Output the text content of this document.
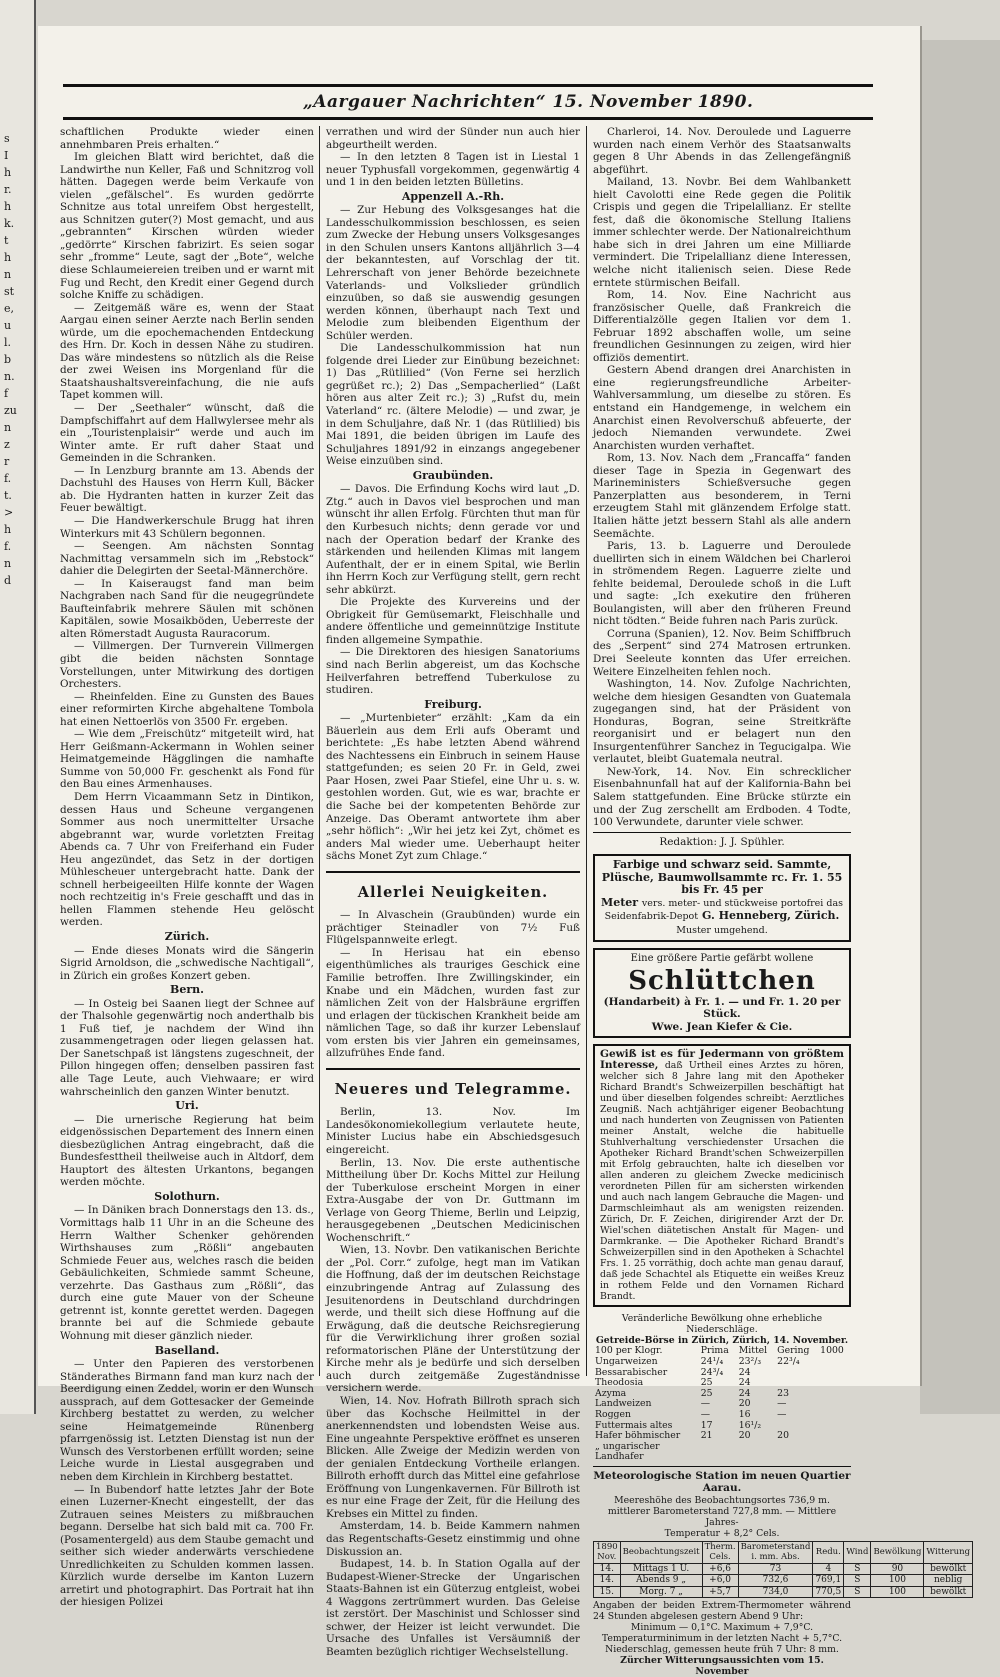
s
I
h
r.
h
k.
t
h
n
st
e,
u
l.
b
n.
f
zu
n
z
r
f.
t.
>
h
f.
n
d
„Aargauer Nachrichten“ 15. November 1890.

schaftlichen Produkte wieder einen annehmbaren Preis erhalten.“

Im gleichen Blatt wird berichtet, daß die Landwirthe nun Keller, Faß und Schnitzrog voll hätten. Dagegen werde beim Verkaufe von vielen „gefälschel“. Es wurden gedörrte Schnitze aus total unreifem Obst hergestellt, aus Schnitzen guter(?) Most gemacht, und aus „gebrannten“ Kirschen würden wieder „gedörrte“ Kirschen fabrizirt. Es seien sogar sehr „fromme“ Leute, sagt der „Bote“, welche diese Schlaumeiereien treiben und er warnt mit Fug und Recht, den Kredit einer Gegend durch solche Kniffe zu schädigen.

— Zeitgemäß wäre es, wenn der Staat Aargau einen seiner Aerzte nach Berlin senden würde, um die epochemachenden Entdeckung des Hrn. Dr. Koch in dessen Nähe zu studiren. Das wäre mindestens so nützlich als die Reise der zwei Weisen ins Morgenland für die Staatshaushaltsvereinfachung, die nie aufs Tapet kommen will.

— Der „Seethaler“ wünscht, daß die Dampfschiffahrt auf dem Hallwylersee mehr als ein „Touristenplaisir“ werde und auch im Winter amte. Er ruft daher Staat und Gemeinden in die Schranken.

— In Lenzburg brannte am 13. Abends der Dachstuhl des Hauses von Herrn Kull, Bäcker ab. Die Hydranten hatten in kurzer Zeit das Feuer bewältigt.

— Die Handwerkerschule Brugg hat ihren Winterkurs mit 43 Schülern begonnen.

— Seengen. Am nächsten Sonntag Nachmittag versammeln sich im „Rebstock“ dahier die Delegirten der Seetal-Männerchöre.

— In Kaiseraugst fand man beim Nachgraben nach Sand für die neugegründete Baufteinfabrik mehrere Säulen mit schönen Kapitälen, sowie Mosaikböden, Ueberreste der alten Römerstadt Augusta Rauracorum.

— Villmergen. Der Turnverein Villmergen gibt die beiden nächsten Sonntage Vorstellungen, unter Mitwirkung des dortigen Orchesters.

— Rheinfelden. Eine zu Gunsten des Baues einer reformirten Kirche abgehaltene Tombola hat einen Nettoerlös von 3500 Fr. ergeben.

— Wie dem „Freischütz“ mitgeteilt wird, hat Herr Geißmann-Ackermann in Wohlen seiner Heimatgemeinde Hägglingen die namhafte Summe von 50,000 Fr. geschenkt als Fond für den Bau eines Armenhauses.

Dem Herrn Vicaammann Setz in Dintikon, dessen Haus und Scheune vergangenen Sommer aus noch unermittelter Ursache abgebrannt war, wurde vorletzten Freitag Abends ca. 7 Uhr von Freiferhand ein Fuder Heu angezündet, das Setz in der dortigen Mühlescheuer untergebracht hatte. Dank der schnell herbeigeeilten Hilfe konnte der Wagen noch rechtzeitig in's Freie geschafft und das in hellen Flammen stehende Heu gelöscht werden.

Zürich.

— Ende dieses Monats wird die Sängerin Sigrid Arnoldson, die „schwedische Nachtigall“, in Zürich ein großes Konzert geben.

Bern.

— In Osteig bei Saanen liegt der Schnee auf der Thalsohle gegenwärtig noch anderthalb bis 1 Fuß tief, je nachdem der Wind ihn zusammengetragen oder liegen gelassen hat. Der Sanetschpaß ist längstens zugeschneit, der Pillon hingegen offen; denselben passiren fast alle Tage Leute, auch Viehwaare; er wird wahrscheinlich den ganzen Winter benutzt.

Uri.

— Die urnerische Regierung hat beim eidgenössischen Departement des Innern einen diesbezüglichen Antrag eingebracht, daß die Bundesfesttheil theilweise auch in Altdorf, dem Hauptort des ältesten Urkantons, begangen werden möchte.

Solothurn.

— In Däniken brach Donnerstags den 13. ds., Vormittags halb 11 Uhr in an die Scheune des Herrn Walther Schenker gehörenden Wirthshauses zum „Rößli“ angebauten Schmiede Feuer aus, welches rasch die beiden Gebäulichkeiten, Schmiede sammt Scheune, verzehrte. Das Gasthaus zum „Rößli“, das durch eine gute Mauer von der Scheune getrennt ist, konnte gerettet werden. Dagegen brannte bei auf die Schmiede gebaute Wohnung mit dieser gänzlich nieder.

Baselland.

— Unter den Papieren des verstorbenen Ständerathes Birmann fand man kurz nach der Beerdigung einen Zeddel, worin er den Wunsch aussprach, auf dem Gottesacker der Gemeinde Kirchberg bestattet zu werden, zu welcher seine Heimatgemeinde Rünenberg pfarrgenössig ist. Letzten Dienstag ist nun der Wunsch des Verstorbenen erfüllt worden; seine Leiche wurde in Liestal ausgegraben und neben dem Kirchlein in Kirchberg bestattet.

— In Bubendorf hatte letztes Jahr der Bote einen Luzerner-Knecht eingestellt, der das Zutrauen seines Meisters zu mißbrauchen begann. Derselbe hat sich bald mit ca. 700 Fr. (Posamentergeld) aus dem Staube gemacht und seither sich wieder anderwärts verschiedene Unredlichkeiten zu Schulden kommen lassen. Kürzlich wurde derselbe im Kanton Luzern arretirt und photographirt. Das Portrait hat ihn der hiesigen Polizei

verrathen und wird der Sünder nun auch hier abgeurtheilt werden.

— In den letzten 8 Tagen ist in Liestal 1 neuer Typhusfall vorgekommen, gegenwärtig 4 und 1 in den beiden letzten Bülletins.

Appenzell A.-Rh.

— Zur Hebung des Volksgesanges hat die Landesschulkommission beschlossen, es seien zum Zwecke der Hebung unsers Volksgesanges in den Schulen unsers Kantons alljährlich 3—4 der bekanntesten, auf Vorschlag der tit. Lehrerschaft von jener Behörde bezeichnete Vaterlands- und Volkslieder gründlich einzuüben, so daß sie auswendig gesungen werden können, überhaupt nach Text und Melodie zum bleibenden Eigenthum der Schüler werden.

Die Landesschulkommission hat nun folgende drei Lieder zur Einübung bezeichnet: 1) Das „Rütlilied“ (Von Ferne sei herzlich gegrüßet rc.); 2) Das „Sempacherlied“ (Laßt hören aus alter Zeit rc.); 3) „Rufst du, mein Vaterland“ rc. (ältere Melodie) — und zwar, je in dem Schuljahre, daß Nr. 1 (das Rütlilied) bis Mai 1891, die beiden übrigen im Laufe des Schuljahres 1891/92 in einzangs angegebener Weise einzuüben sind.

Graubünden.

— Davos. Die Erfindung Kochs wird laut „D. Ztg.“ auch in Davos viel besprochen und man wünscht ihr allen Erfolg. Fürchten thut man für den Kurbesuch nichts; denn gerade vor und nach der Operation bedarf der Kranke des stärkenden und heilenden Klimas mit langem Aufenthalt, der er in einem Spital, wie Berlin ihn Herrn Koch zur Verfügung stellt, gern recht sehr abkürzt.

Die Projekte des Kurvereins und der Obrigkeit für Gemüsemarkt, Fleischhalle und andere öffentliche und gemeinnützige Institute finden allgemeine Sympathie.

— Die Direktoren des hiesigen Sanatoriums sind nach Berlin abgereist, um das Kochsche Heilverfahren betreffend Tuberkulose zu studiren.

Freiburg.

— „Murtenbieter“ erzählt: „Kam da ein Bäuerlein aus dem Erli aufs Oberamt und berichtete: „Es habe letzten Abend während des Nachtessens ein Einbruch in seinem Hause stattgefunden; es seien 20 Fr. in Geld, zwei Paar Hosen, zwei Paar Stiefel, eine Uhr u. s. w. gestohlen worden. Gut, wie es war, brachte er die Sache bei der kompetenten Behörde zur Anzeige. Das Oberamt antwortete ihm aber „sehr höflich“: „Wir hei jetz kei Zyt, chömet es anders Mal wieder ume. Ueberhaupt heiter sächs Monet Zyt zum Chlage.“

Allerlei Neuigkeiten.

— In Alvaschein (Graubünden) wurde ein prächtiger Steinadler von 7½ Fuß Flügelspannweite erlegt.

— In Herisau hat ein ebenso eigenthümliches als trauriges Geschick eine Familie betroffen. Ihre Zwillingskinder, ein Knabe und ein Mädchen, wurden fast zur nämlichen Zeit von der Halsbräune ergriffen und erlagen der tückischen Krankheit beide am nämlichen Tage, so daß ihr kurzer Lebenslauf vom ersten bis vier Jahren ein gemeinsames, allzufrühes Ende fand.

Neueres und Telegramme.

Berlin, 13. Nov. Im Landesökonomiekollegium verlautete heute, Minister Lucius habe ein Abschiedsgesuch eingereicht.

Berlin, 13. Nov. Die erste authentische Mittheilung über Dr. Kochs Mittel zur Heilung der Tuberkulose erscheint Morgen in einer Extra-Ausgabe der von Dr. Guttmann im Verlage von Georg Thieme, Berlin und Leipzig, herausgegebenen „Deutschen Medicinischen Wochenschrift.“

Wien, 13. Novbr. Den vatikanischen Berichte der „Pol. Corr.“ zufolge, hegt man im Vatikan die Hoffnung, daß der im deutschen Reichstage einzubringende Antrag auf Zulassung des Jesuitenordens in Deutschland durchdringen werde, und theilt sich diese Hoffnung auf die Erwägung, daß die deutsche Reichsregierung für die Verwirklichung ihrer großen sozial reformatorischen Pläne der Unterstützung der Kirche mehr als je bedürfe und sich derselben auch durch zeitgemäße Zugeständnisse versichern werde.

Wien, 14. Nov. Hofrath Billroth sprach sich über das Kochsche Heilmittel in der anerkennendsten und lobendsten Weise aus. Eine ungeahnte Perspektive eröffnet es unseren Blicken. Alle Zweige der Medizin werden von der genialen Entdeckung Vortheile erlangen. Billroth erhofft durch das Mittel eine gefahrlose Eröffnung von Lungenkavernen. Für Billroth ist es nur eine Frage der Zeit, für die Heilung des Krebses ein Mittel zu finden.

Amsterdam, 14. b. Beide Kammern nahmen das Regentschafts-Gesetz einstimmig und ohne Diskussion an.

Budapest, 14. b. In Station Ogalla auf der Budapest-Wiener-Strecke der Ungarischen Staats-Bahnen ist ein Güterzug entgleist, wobei 4 Waggons zertrümmert wurden. Das Geleise ist zerstört. Der Maschinist und Schlosser sind schwer, der Heizer ist leicht verwundet. Die Ursache des Unfalles ist Versäumniß der Beamten bezüglich richtiger Wechselstellung.

Charleroi, 14. Nov. Deroulede und Laguerre wurden nach einem Verhör des Staatsanwalts gegen 8 Uhr Abends in das Zellengefängniß abgeführt.

Mailand, 13. Novbr. Bei dem Wahlbankett hielt Cavolotti eine Rede gegen die Politik Crispis und gegen die Tripelallianz. Er stellte fest, daß die ökonomische Stellung Italiens immer schlechter werde. Der Nationalreichthum habe sich in drei Jahren um eine Milliarde vermindert. Die Tripelallianz diene Interessen, welche nicht italienisch seien. Diese Rede erntete stürmischen Beifall.

Rom, 14. Nov. Eine Nachricht aus französischer Quelle, daß Frankreich die Differentialzölle gegen Italien vor dem 1. Februar 1892 abschaffen wolle, um seine freundlichen Gesinnungen zu zeigen, wird hier offiziös dementirt.

Gestern Abend drangen drei Anarchisten in eine regierungsfreundliche Arbeiter-Wahlversammlung, um dieselbe zu stören. Es entstand ein Handgemenge, in welchem ein Anarchist einen Revolverschuß abfeuerte, der jedoch Niemanden verwundete. Zwei Anarchisten wurden verhaftet.

Rom, 13. Nov. Nach dem „Francaffa“ fanden dieser Tage in Spezia in Gegenwart des Marineministers Schießversuche gegen Panzerplatten aus besonderem, in Terni erzeugtem Stahl mit glänzendem Erfolge statt. Italien hätte jetzt bessern Stahl als alle andern Seemächte.

Paris, 13. b. Laguerre und Deroulede duellirten sich in einem Wäldchen bei Charleroi in strömendem Regen. Laguerre zielte und fehlte beidemal, Deroulede schoß in die Luft und sagte: „Ich exekutire den früheren Boulangisten, will aber den früheren Freund nicht tödten.“ Beide fuhren nach Paris zurück.

Corruna (Spanien), 12. Nov. Beim Schiffbruch des „Serpent“ sind 274 Matrosen ertrunken. Drei Seeleute konnten das Ufer erreichen. Weitere Einzelheiten fehlen noch.

Washington, 14. Nov. Zufolge Nachrichten, welche dem hiesigen Gesandten von Guatemala zugegangen sind, hat der Präsident von Honduras, Bogran, seine Streitkräfte reorganisirt und er belagert nun den Insurgentenführer Sanchez in Tegucigalpa. Wie verlautet, bleibt Guatemala neutral.

New-York, 14. Nov. Ein schrecklicher Eisenbahnunfall hat auf der Kalifornia-Bahn bei Salem stattgefunden. Eine Brücke stürzte ein und der Zug zerschellt am Erdboden. 4 Todte, 100 Verwundete, darunter viele schwer.

Redaktion: J. J. Spühler.
Farbige und schwarz seid. Sammte, Plüsche, Baumwollsammte rc. Fr. 1. 55 bis Fr. 45 per
Meter vers. meter- und stückweise portofrei das Seidenfabrik-Depot G. Henneberg, Zürich. Muster umgehend.
Eine größere Partie gefärbt wollene
Schlüttchen
(Handarbeit) à Fr. 1. — und Fr. 1. 20 per Stück.
Wwe. Jean Kiefer & Cie.
Gewiß ist es für Jedermann von größtem Interesse, daß Urtheil eines Arztes zu hören, welcher sich 8 Jahre lang mit den Apotheker Richard Brandt's Schweizerpillen beschäftigt hat und über dieselben folgendes schreibt: Aerztliches Zeugniß. Nach achtjähriger eigener Beobachtung und nach hunderten von Zeugnissen von Patienten meiner Anstalt, welche die habituelle Stuhlverhaltung verschiedenster Ursachen die Apotheker Richard Brandt'schen Schweizerpillen mit Erfolg gebrauchten, halte ich dieselben vor allen anderen zu gleichem Zwecke medicinisch verordneten Pillen für am sichersten wirkenden und auch nach langem Gebrauche die Magen- und Darmschleimhaut als am wenigsten reizenden. Zürich, Dr. F. Zeichen, dirigirender Arzt der Dr. Wiel'schen diätetischen Anstalt für Magen- und Darmkranke. — Die Apotheker Richard Brandt's Schweizerpillen sind in den Apotheken à Schachtel Frs. 1. 25 vorräthig, doch achte man genau darauf, daß jede Schachtel als Etiquette ein weißes Kreuz in rothem Felde und den Vornamen Richard Brandt.
Veränderliche Bewölkung ohne erhebliche Niederschläge.
Getreide-Börse in Zürich, Zürich, 14. November.
100 per Klogr.	Prima	Mittel	Gering	1000
Ungarweizen	24¹/₄	23²/₃	22³/₄	
Bessarabischer	24³/₄	24		
Theodosia	25	24		
Azyma	25	24	23	
Landweizen	—	20	—	
Roggen	—	16	—	
Futtermais altes	17	16¹/₂		
Hafer böhmischer	21	20	20	
„ ungarischer				
Landhafer				
Meteorologische Station im neuen Quartier Aarau.
Meereshöhe des Beobachtungsortes 736,9 m.
mittlerer Barometerstand 727,8 mm. — Mittlere Jahres-
Temperatur + 8,2° Cels.
1890 Nov.	Beobachtungszeit	Therm. Cels.	Barometerstand i. mm. Abs.	Redu.	Wind	Bewölkung	Witterung
14.	Mittags 1 U.	+6,6	73	4	S	90	bewölkt
14.	Abends 9 „	+6,0	732,6	769,1	S	100	neblig
15.	Morg. 7 „	+5,7	734,0	770,5	S	100	bewölkt
Angaben der beiden Extrem-Thermometer während 24 Stunden abgelesen gestern Abend 9 Uhr:
Minimum — 0,1°C. Maximum + 7,9°C.
Temperaturminimum in der letzten Nacht + 5,7°C.
Niederschlag, gemessen heute früh 7 Uhr: 8 mm.
Zürcher Witterungsaussichten vom 15. November
